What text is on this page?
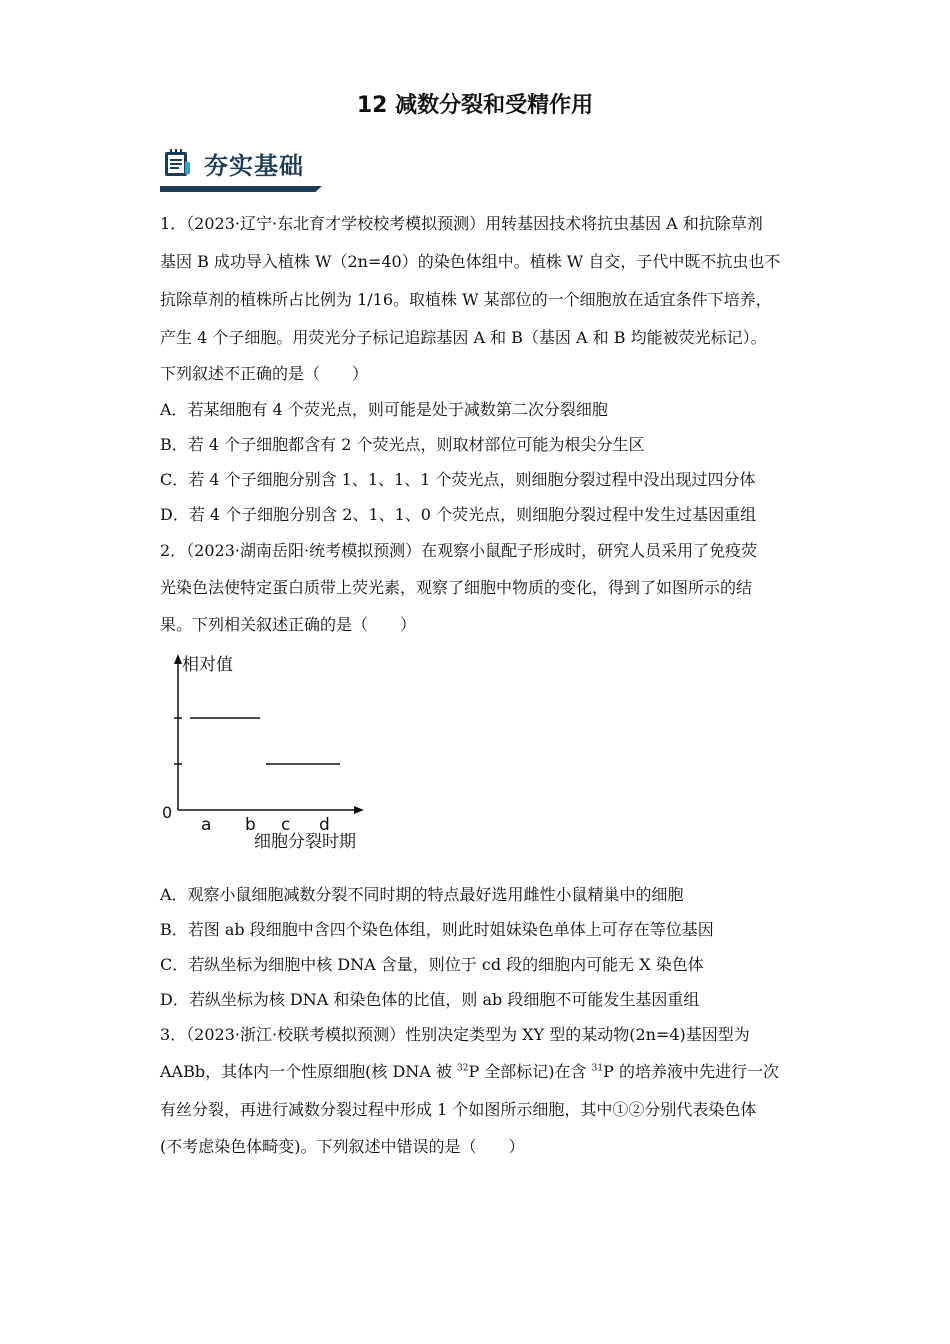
12 减数分裂和受精作用
夯实基础
1．（2023·辽宁·东北育才学校校考模拟预测）用转基因技术将抗虫基因 A 和抗除草剂
基因 B 成功导入植株 W（2n=40）的染色体组中。植株 W 自交，子代中既不抗虫也不
抗除草剂的植株所占比例为 1/16。取植株 W 某部位的一个细胞放在适宜条件下培养，
产生 4 个子细胞。用荧光分子标记追踪基因 A 和 B（基因 A 和 B 均能被荧光标记）。
下列叙述不正确的是（　　）
A．若某细胞有 4 个荧光点，则可能是处于减数第二次分裂细胞
B．若 4 个子细胞都含有 2 个荧光点，则取材部位可能为根尖分生区
C．若 4 个子细胞分别含 1、1、1、1 个荧光点，则细胞分裂过程中没出现过四分体
D．若 4 个子细胞分别含 2、1、1、0 个荧光点，则细胞分裂过程中发生过基因重组
2．（2023·湖南岳阳·统考模拟预测）在观察小鼠配子形成时，研究人员采用了免疫荧
光染色法使特定蛋白质带上荧光素，观察了细胞中物质的变化，得到了如图所示的结
果。下列相关叙述正确的是（　　）
相对值
0
细胞分裂时期
a b c d
A．观察小鼠细胞减数分裂不同时期的特点最好选用雌性小鼠精巢中的细胞
B．若图 ab 段细胞中含四个染色体组，则此时姐妹染色单体上可存在等位基因
C．若纵坐标为细胞中核 DNA 含量，则位于 cd 段的细胞内可能无 X 染色体
D．若纵坐标为核 DNA 和染色体的比值，则 ab 段细胞不可能发生基因重组
3．（2023·浙江·校联考模拟预测）性别决定类型为 XY 型的某动物(2n=4)基因型为
AABb，其体内一个性原细胞(核 DNA 被 $^{32}$P 全部标记)在含 $^{31}$P 的培养液中先进行一次
有丝分裂，再进行减数分裂过程中形成 1 个如图所示细胞，其中①②分别代表染色体
(不考虑染色体畸变)。下列叙述中错误的是（　　）
